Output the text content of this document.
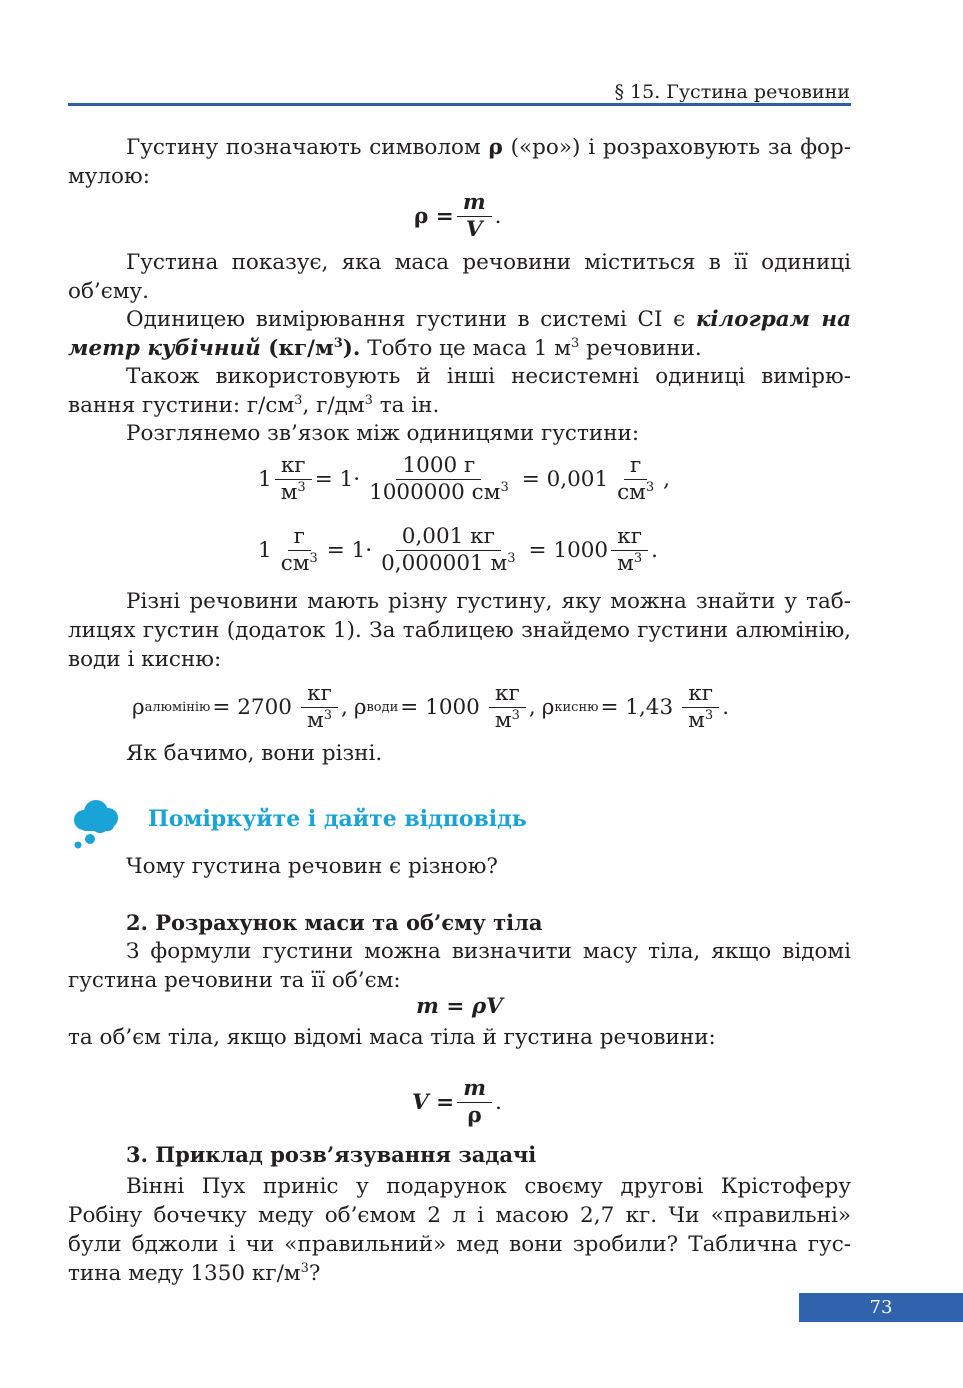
§ 15. Густина речовини
Густину позначають символом ρ («ро») і розраховують за фор-
мулою:
$\rho = \frac{m}{V}$ .
Густина показує, яка маса речовини міститься в її одиниці
об’єму.
Одиницею вимірювання густини в системі СІ є кілограм на
метр кубічний $(кг/м^3)$. Тобто це маса 1 $м^3$ речовини.
Також використовують й інші несистемні одиниці вимірю-
вання густини: $г/см^3$, $г/дм^3$ та ін.
Розглянемо зв’язок між одиницями густини:
$1 \frac{кг}{м^3} = 1\cdot \frac{1000 г}{1000000 см^3} = 0,001 \frac{г}{см^3}$ ,
$1 \frac{г}{см^3} = 1\cdot \frac{0,001 кг}{0,000001 м^3} = 1000 \frac{кг}{м^3}$ .
Різні речовини мають різну густину, яку можна знайти у таб-
лицях густин (додаток 1). За таблицею знайдемо густини алюмінію,
води і кисню:
ρ алюмінію = $2700 \frac{кг}{м^3}$ , ρ води = $1000 \frac{кг}{м^3}$ , ρ кисню = $1,43 \frac{кг}{м^3}$ .
Як бачимо, вони різні.
Поміркуйте і дайте відповідь
Чому густина речовин є різною?
2. Розрахунок маси та об’єму тіла
З формули густини можна визначити масу тіла, якщо відомі
густина речовини та її об’єм:
m = ρV
та об’єм тіла, якщо відомі маса тіла й густина речовини:
$V = \frac{m}{\rho}$ .
3. Приклад розв’язування задачі
Вінні Пух приніс у подарунок своєму другові Крістоферу
Робіну бочечку меду об’ємом 2 л і масою 2,7 кг. Чи «правильні»
були бджоли і чи «правильний» мед вони зробили? Таблична гус-
тина меду 1350 $кг/м^3$?
73
